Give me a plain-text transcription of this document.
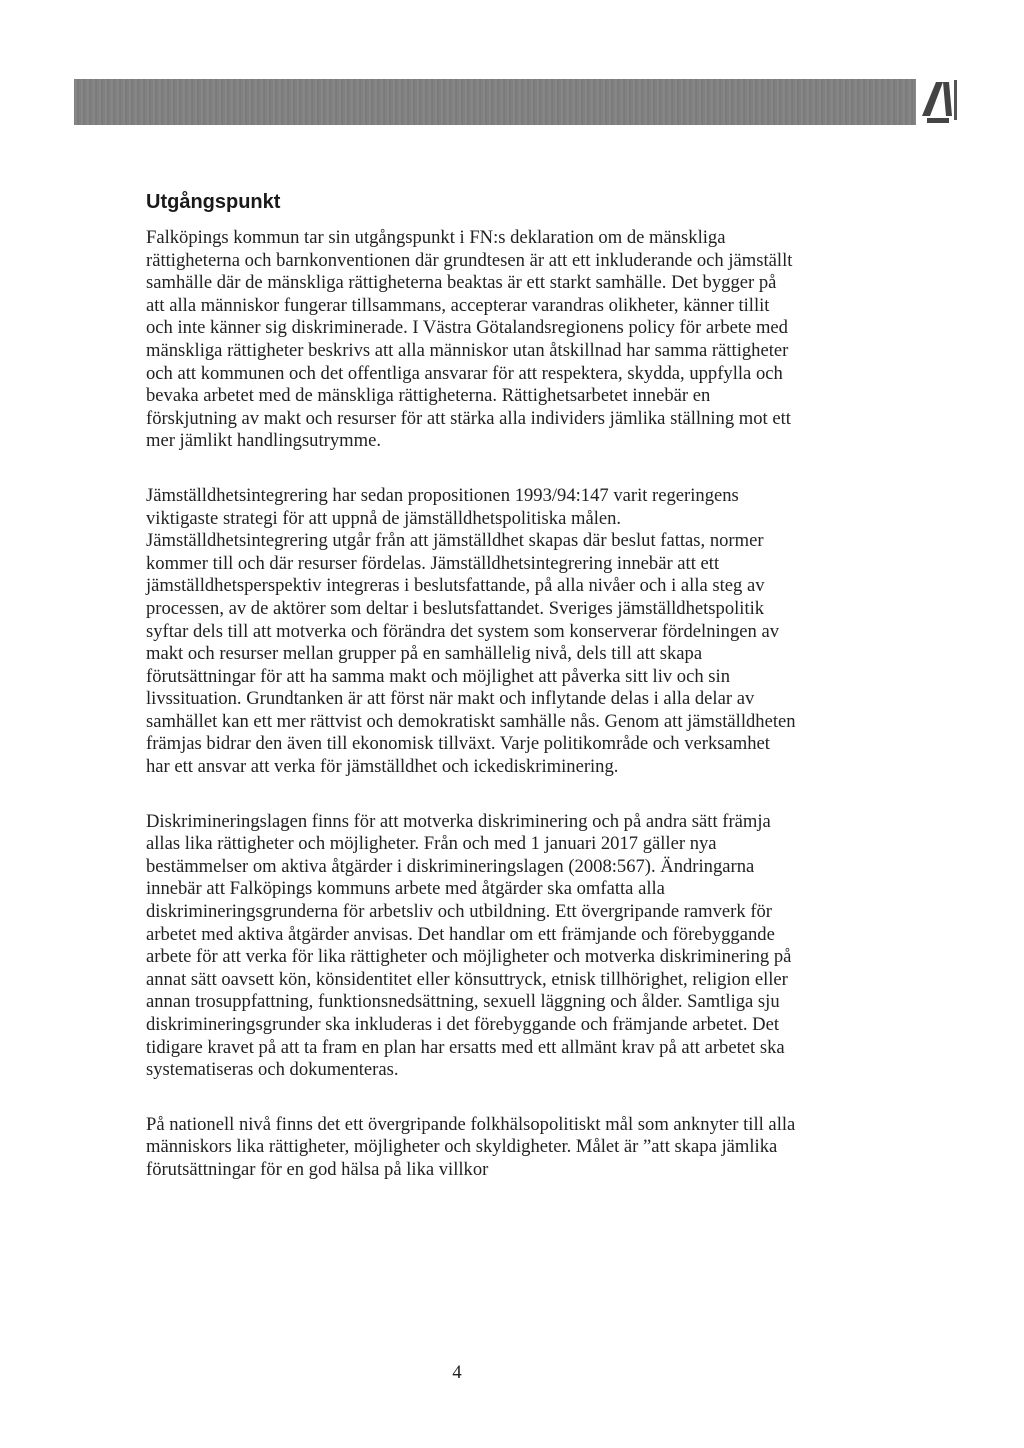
Utgångspunkt

Falköpings kommun tar sin utgångspunkt i FN:s deklaration om de mänskliga rättigheterna och barnkonventionen där grundtesen är att ett inkluderande och jämställt samhälle där de mänskliga rättigheterna beaktas är ett starkt samhälle. Det bygger på att alla människor fungerar tillsammans, accepterar varandras olikheter, känner tillit och inte känner sig diskriminerade. I Västra Götalandsregionens policy för arbete med mänskliga rättigheter beskrivs att alla människor utan åtskillnad har samma rättigheter och att kommunen och det offentliga ansvarar för att respektera, skydda, uppfylla och bevaka arbetet med de mänskliga rättigheterna. Rättighetsarbetet innebär en förskjutning av makt och resurser för att stärka alla individers jämlika ställning mot ett mer jämlikt handlingsutrymme.

Jämställdhetsintegrering har sedan propositionen 1993/94:147 varit regeringens viktigaste strategi för att uppnå de jämställdhetspolitiska målen. Jämställdhetsintegrering utgår från att jämställdhet skapas där beslut fattas, normer kommer till och där resurser fördelas. Jämställdhetsintegrering innebär att ett jämställdhetsperspektiv integreras i beslutsfattande, på alla nivåer och i alla steg av processen, av de aktörer som deltar i beslutsfattandet. Sveriges jämställdhetspolitik syftar dels till att motverka och förändra det system som konserverar fördelningen av makt och resurser mellan grupper på en samhällelig nivå, dels till att skapa förutsättningar för att ha samma makt och möjlighet att påverka sitt liv och sin livssituation. Grundtanken är att först när makt och inflytande delas i alla delar av samhället kan ett mer rättvist och demokratiskt samhälle nås. Genom att jämställdheten främjas bidrar den även till ekonomisk tillväxt. Varje politikområde och verksamhet har ett ansvar att verka för jämställdhet och ickediskriminering.

Diskrimineringslagen finns för att motverka diskriminering och på andra sätt främja allas lika rättigheter och möjligheter. Från och med 1 januari 2017 gäller nya bestämmelser om aktiva åtgärder i diskrimineringslagen (2008:567). Ändringarna innebär att Falköpings kommuns arbete med åtgärder ska omfatta alla diskrimineringsgrunderna för arbetsliv och utbildning. Ett övergripande ramverk för arbetet med aktiva åtgärder anvisas. Det handlar om ett främjande och förebyggande arbete för att verka för lika rättigheter och möjligheter och motverka diskriminering på annat sätt oavsett kön, könsidentitet eller könsuttryck, etnisk tillhörighet, religion eller annan trosuppfattning, funktionsnedsättning, sexuell läggning och ålder. Samtliga sju diskrimineringsgrunder ska inkluderas i det förebyggande och främjande arbetet. Det tidigare kravet på att ta fram en plan har ersatts med ett allmänt krav på att arbetet ska systematiseras och dokumenteras.

På nationell nivå finns det ett övergripande folkhälsopolitiskt mål som anknyter till alla människors lika rättigheter, möjligheter och skyldigheter. Målet är ”att skapa jämlika förutsättningar för en god hälsa på lika villkor

4
